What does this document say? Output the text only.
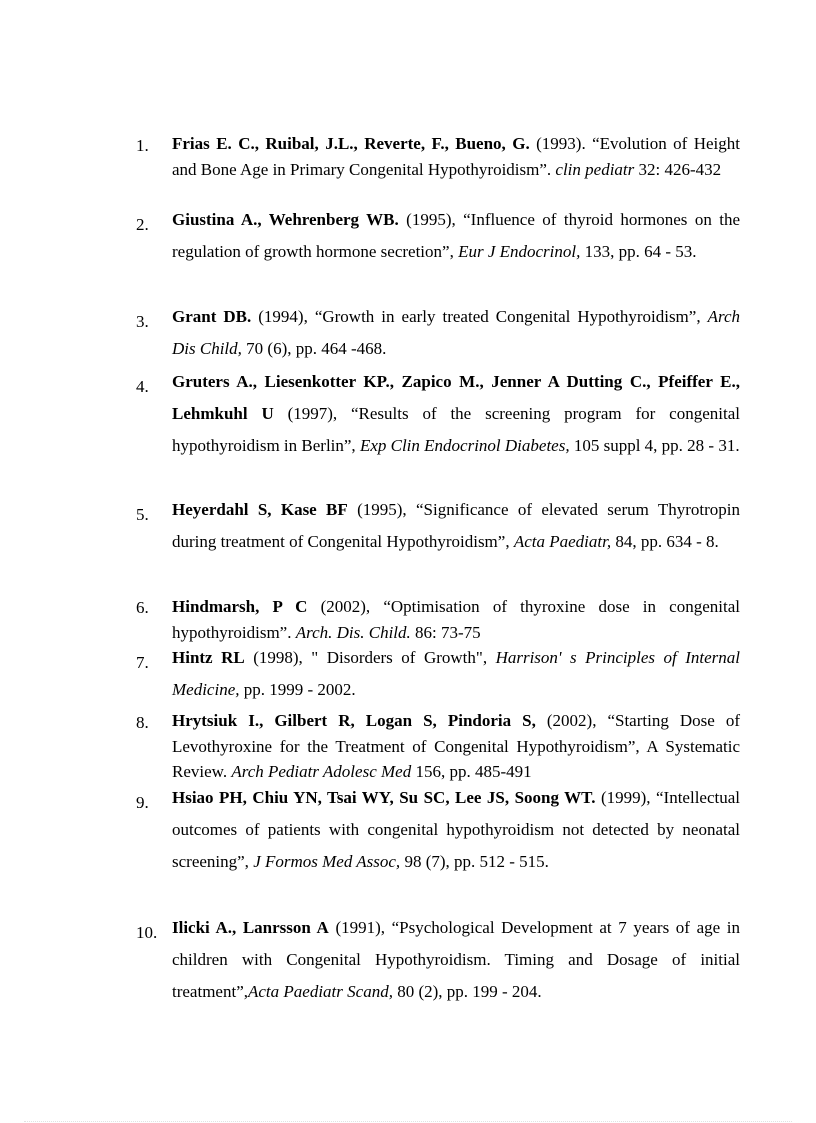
1.	Frias E. C., Ruibal, J.L., Reverte, F., Bueno, G. (1993). “Evolution of Height and Bone Age in Primary Congenital Hypothyroidism”. clin pediatr 32: 426-432
2.	Giustina A., Wehrenberg WB. (1995), “Influence of thyroid hormones on the regulation of growth hormone secretion”, Eur J Endocrinol, 133, pp. 64 - 53.
3.	Grant DB. (1994), “Growth in early treated Congenital Hypothyroidism”, Arch Dis Child, 70 (6), pp. 464 -468.
4.	Gruters A., Liesenkotter KP., Zapico M., Jenner A Dutting C., Pfeiffer E., Lehmkuhl U (1997), “Results of the screening program for congenital hypothyroidism in Berlin”, Exp Clin Endocrinol Diabetes, 105 suppl 4, pp. 28 - 31.
5.	Heyerdahl S, Kase BF (1995), “Significance of elevated serum Thyrotropin during treatment of Congenital Hypothyroidism”, Acta Paediatr, 84, pp. 634 - 8.
6.	Hindmarsh, P C (2002), “Optimisation of thyroxine dose in congenital hypothyroidism”. Arch. Dis. Child. 86: 73-75
7.	Hintz RL (1998), " Disorders of Growth", Harrison' s Principles of Internal Medicine, pp. 1999 - 2002.
8.	Hrytsiuk I., Gilbert R, Logan S, Pindoria S, (2002), “Starting Dose of Levothyroxine for the Treatment of Congenital Hypothyroidism”, A Systematic Review. Arch Pediatr Adolesc Med 156, pp. 485-491
9.	Hsiao PH, Chiu YN, Tsai WY, Su SC, Lee JS, Soong WT. (1999), “Intellectual outcomes of patients with congenital hypothyroidism not detected by neonatal screening”, J Formos Med Assoc, 98 (7), pp. 512 - 515.
10. Ilicki A., Lanrsson A (1991), “Psychological Development at 7 years of age in children with Congenital Hypothyroidism. Timing and Dosage of initial treatment”,Acta Paediatr Scand, 80 (2), pp. 199 - 204.
